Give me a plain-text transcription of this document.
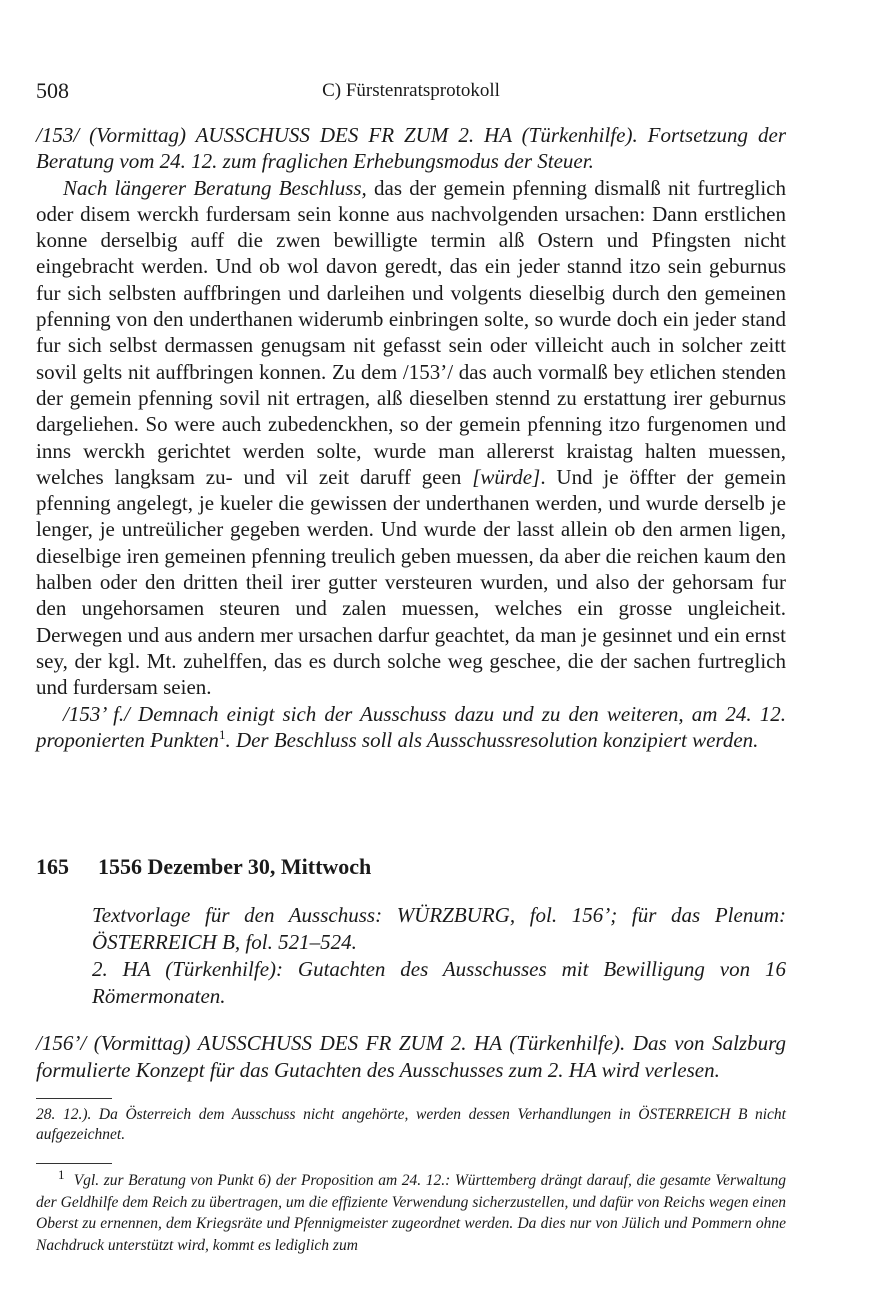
508	C) Fürstenratsprotokoll

/153/ (Vormittag) AUSSCHUSS DES FR ZUM 2. HA (Türkenhilfe). Fortsetzung der Beratung vom 24. 12. zum fraglichen Erhebungsmodus der Steuer.

Nach längerer Beratung Beschluss, das der gemein pfenning dismalß nit furtreglich oder disem werckh furdersam sein konne aus nachvolgenden ursachen: Dann erstlichen konne derselbig auff die zwen bewilligte termin alß Ostern und Pfingsten nicht eingebracht werden. Und ob wol davon geredt, das ein jeder stannd itzo sein geburnus fur sich selbsten auffbringen und darleihen und volgents dieselbig durch den gemeinen pfenning von den underthanen widerumb einbringen solte, so wurde doch ein jeder stand fur sich selbst dermassen genugsam nit gefasst sein oder villeicht auch in solcher zeitt sovil gelts nit auffbringen konnen. Zu dem /153’/ das auch vormalß bey etlichen stenden der gemein pfenning sovil nit ertragen, alß dieselben stennd zu erstattung irer geburnus dargeliehen. So were auch zubedenckhen, so der gemein pfenning itzo furgenomen und inns werckh gerichtet werden solte, wurde man allererst kraistag halten muessen, welches langksam zu- und vil zeit daruff geen [würde]. Und je öffter der gemein pfenning angelegt, je kueler die gewissen der underthanen werden, und wurde derselb je lenger, je untreülicher gegeben werden. Und wurde der lasst allein ob den armen ligen, dieselbige iren gemeinen pfenning treulich geben muessen, da aber die reichen kaum den halben oder den dritten theil irer gutter versteuren wurden, und also der gehorsam fur den ungehorsamen steuren und zalen muessen, welches ein grosse ungleicheit. Derwegen und aus andern mer ursachen darfur geachtet, da man je gesinnet und ein ernst sey, der kgl. Mt. zuhelffen, das es durch solche weg geschee, die der sachen furtreglich und furdersam seien.

/153’ f./ Demnach einigt sich der Ausschuss dazu und zu den weiteren, am 24. 12. proponierten Punkten$^1$. Der Beschluss soll als Ausschussresolution konzipiert werden.

165 1556 Dezember 30, Mittwoch

Textvorlage für den Ausschuss: WÜRZBURG, fol. 156’; für das Plenum: ÖSTERREICH B, fol. 521–524.

2. HA (Türkenhilfe): Gutachten des Ausschusses mit Bewilligung von 16 Römermonaten.

/156’/ (Vormittag) AUSSCHUSS DES FR ZUM 2. HA (Türkenhilfe). Das von Salzburg formulierte Konzept für das Gutachten des Ausschusses zum 2. HA wird verlesen.
28. 12.). Da Österreich dem Ausschuss nicht angehörte, werden dessen Verhandlungen in ÖSTERREICH B nicht aufgezeichnet.
$^1$ Vgl. zur Beratung von Punkt 6) der Proposition am 24. 12.: Württemberg drängt darauf, die gesamte Verwaltung der Geldhilfe dem Reich zu übertragen, um die effiziente Verwendung sicherzustellen, und dafür von Reichs wegen einen Oberst zu ernennen, dem Kriegsräte und Pfennigmeister zugeordnet werden. Da dies nur von Jülich und Pommern ohne Nachdruck unterstützt wird, kommt es lediglich zum
